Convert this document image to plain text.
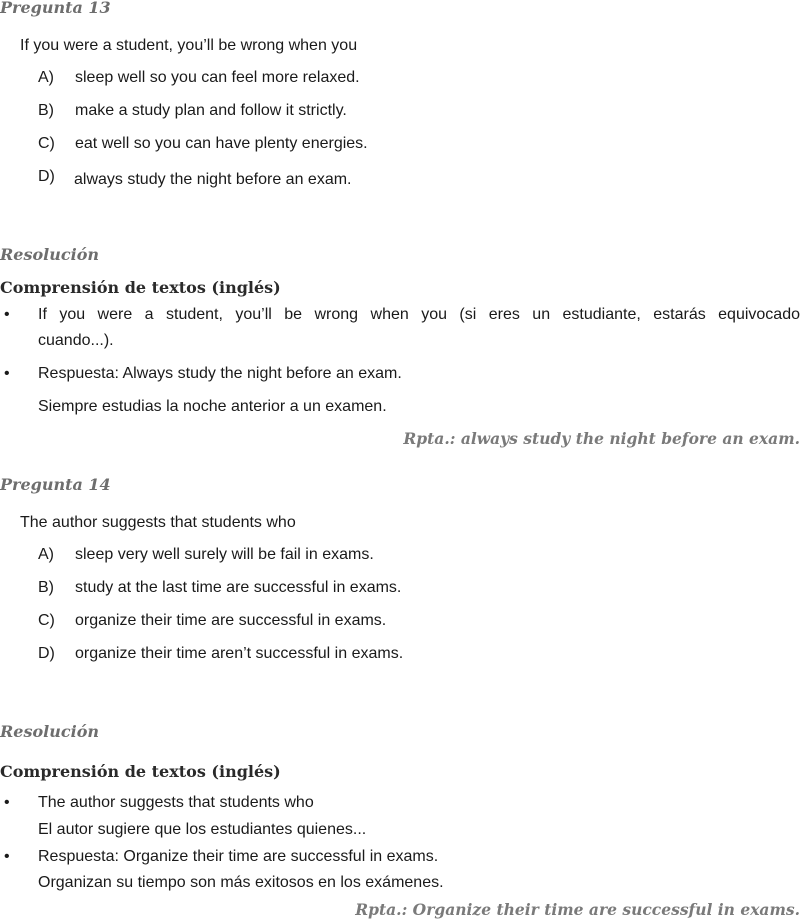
Pregunta 13
If you were a student, you’ll be wrong when you
A) sleep well so you can feel more relaxed.
B) make a study plan and follow it strictly.
C) eat well so you can have plenty energies.
D) always study the night before an exam.
Resolución
Comprensión de textos (inglés)
• If you were a student, you’ll be wrong when you (si eres un estudiante, estarás equivocado
cuando...).
• Respuesta: Always study the night before an exam.
Siempre estudias la noche anterior a un examen.
Rpta.: always study the night before an exam.
Pregunta 14
The author suggests that students who
A) sleep very well surely will be fail in exams.
B) study at the last time are successful in exams.
C) organize their time are successful in exams.
D) organize their time aren’t successful in exams.
Resolución
Comprensión de textos (inglés)
• The author suggests that students who
El autor sugiere que los estudiantes quienes...
• Respuesta: Organize their time are successful in exams.
Organizan su tiempo son más exitosos en los exámenes.
Rpta.: Organize their time are successful in exams.
